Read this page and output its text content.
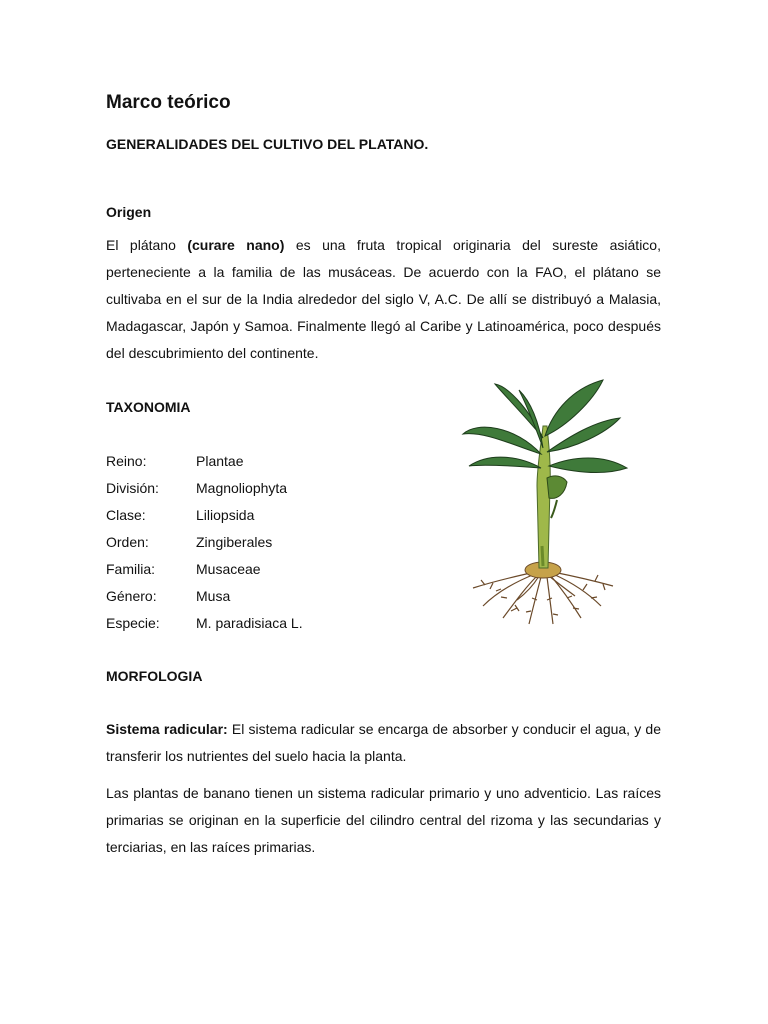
Marco teórico
GENERALIDADES DEL CULTIVO DEL PLATANO.
Origen

El plátano (curare nano) es una fruta tropical originaria del sureste asiático, perteneciente a la familia de las musáceas. De acuerdo con la FAO, el plátano se cultivaba en el sur de la India alrededor del siglo V, A.C. De allí se distribuyó a Malasia, Madagascar, Japón y Samoa. Finalmente llegó al Caribe y Latinoamérica, poco después del descubrimiento del continente.

TAXONOMIA
Reino:	Plantae
División:	Magnoliophyta
Clase:	Liliopsida
Orden:	Zingiberales
Familia:	Musaceae
Género:	Musa
Especie:	M. paradisiaca L.
MORFOLOGIA

Sistema radicular: El sistema radicular se encarga de absorber y conducir el agua, y de transferir los nutrientes del suelo hacia la planta.

Las plantas de banano tienen un sistema radicular primario y uno adventicio. Las raíces primarias se originan en la superficie del cilindro central del rizoma y las secundarias y terciarias, en las raíces primarias.
